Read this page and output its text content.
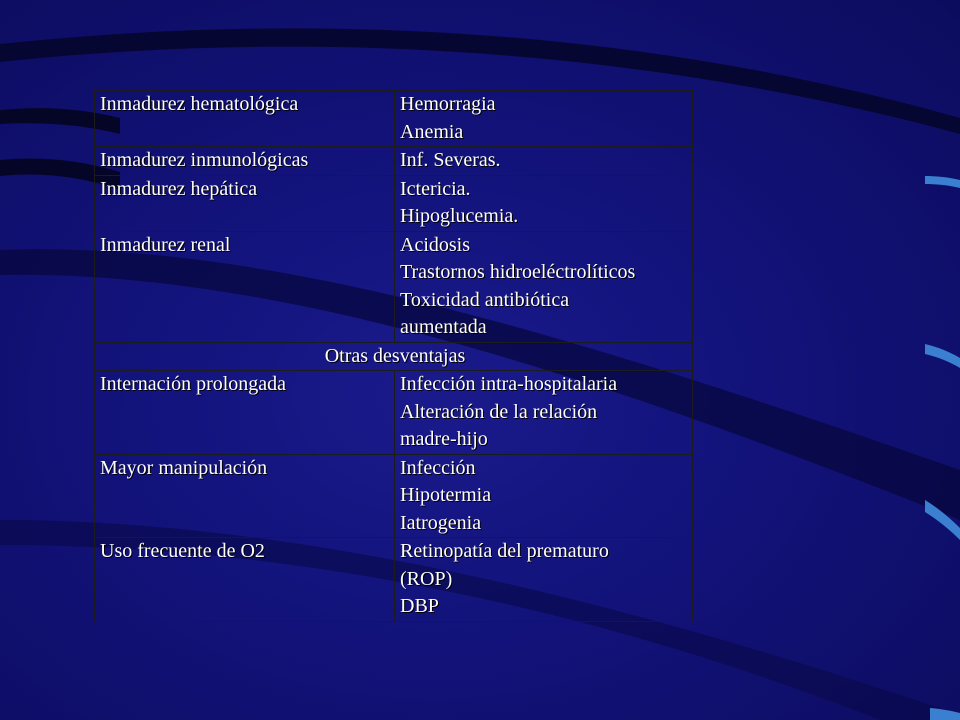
Inmadurez hematológica	Hemorragia
Anemia

Inmadurez inmunológicas	Inf. Severas.

Inmadurez hepática	Ictericia.
Hipoglucemia.

Inmadurez renal	Acidosis
Trastornos hidroeléctrolíticos
Toxicidad antibiótica
aumentada

Otras desventajas	

Internación prolongada	Infección intra-hospitalaria
Alteración de la relación
madre-hijo

Mayor manipulación	Infección
Hipotermia
Iatrogenia

Uso frecuente de O2	Retinopatía del prematuro
(ROP)
DBP
